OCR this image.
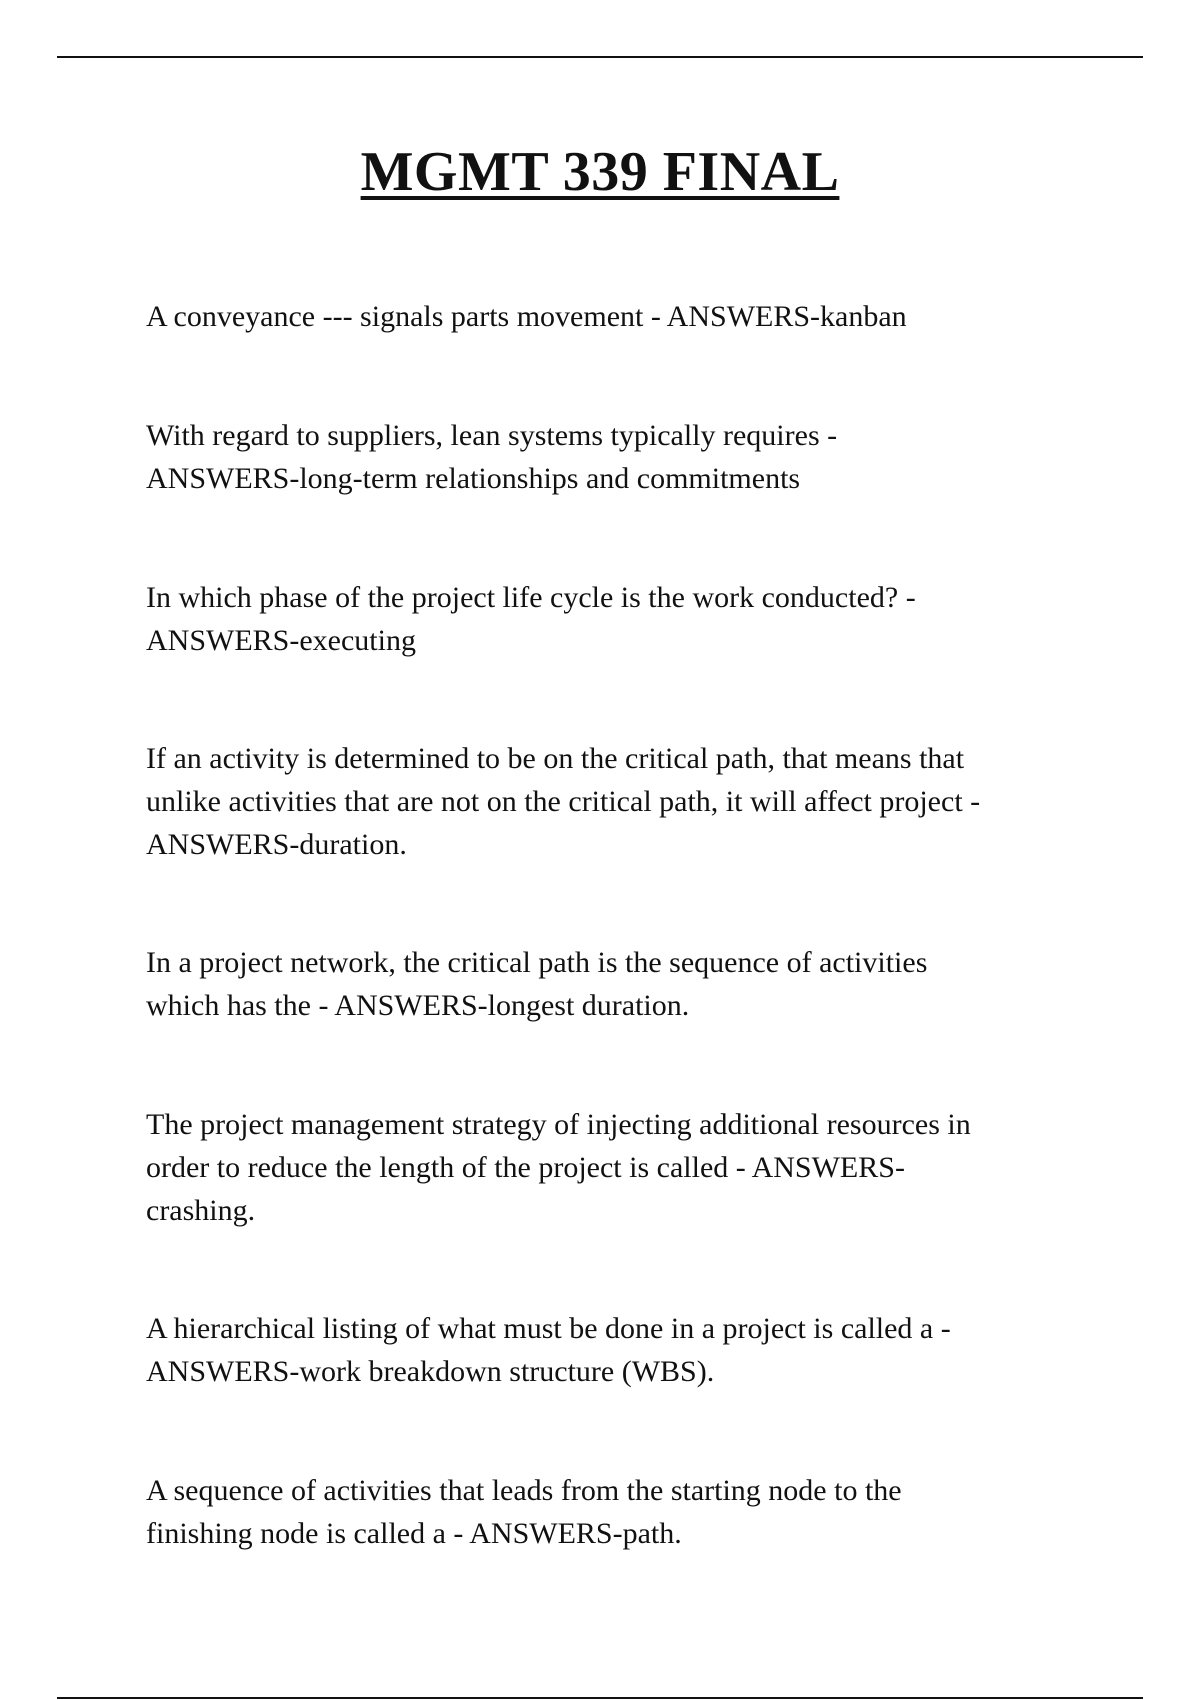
MGMT 339 FINAL

A conveyance --- signals parts movement - ANSWERS-kanban

With regard to suppliers, lean systems typically requires -
ANSWERS-long-term relationships and commitments

In which phase of the project life cycle is the work conducted? -
ANSWERS-executing

If an activity is determined to be on the critical path, that means that
unlike activities that are not on the critical path, it will affect project -
ANSWERS-duration.

In a project network, the critical path is the sequence of activities
which has the - ANSWERS-longest duration.

The project management strategy of injecting additional resources in
order to reduce the length of the project is called - ANSWERS-
crashing.

A hierarchical listing of what must be done in a project is called a -
ANSWERS-work breakdown structure (WBS).

A sequence of activities that leads from the starting node to the
finishing node is called a - ANSWERS-path.
